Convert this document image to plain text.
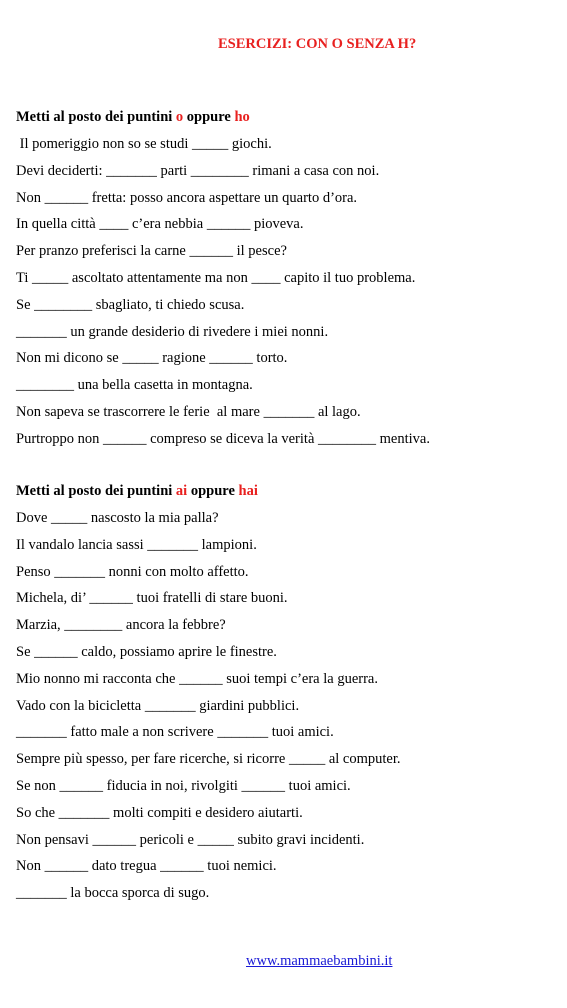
ESERCIZI: CON O SENZA H?
Metti al posto dei puntini o oppure ho
Il pomeriggio non so se studi _____ giochi.
Devi deciderti: _______ parti ________ rimani a casa con noi.
Non ______ fretta: posso ancora aspettare un quarto d’ora.
In quella città ____ c’era nebbia ______ pioveva.
Per pranzo preferisci la carne ______ il pesce?
Ti _____ ascoltato attentamente ma non ____ capito il tuo problema.
Se ________ sbagliato, ti chiedo scusa.
_______ un grande desiderio di rivedere i miei nonni.
Non mi dicono se _____ ragione ______ torto.
________ una bella casetta in montagna.
Non sapeva se trascorrere le ferie  al mare _______ al lago.
Purtroppo non ______ compreso se diceva la verità ________ mentiva.
Metti al posto dei puntini ai oppure hai
Dove _____ nascosto la mia palla?
Il vandalo lancia sassi _______ lampioni.
Penso _______ nonni con molto affetto.
Michela, di’ ______ tuoi fratelli di stare buoni.
Marzia, ________ ancora la febbre?
Se ______ caldo, possiamo aprire le finestre.
Mio nonno mi racconta che ______ suoi tempi c’era la guerra.
Vado con la bicicletta _______ giardini pubblici.
_______ fatto male a non scrivere _______ tuoi amici.
Sempre più spesso, per fare ricerche, si ricorre _____ al computer.
Se non ______ fiducia in noi, rivolgiti ______ tuoi amici.
So che _______ molti compiti e desidero aiutarti.
Non pensavi ______ pericoli e _____ subito gravi incidenti.
Non ______ dato tregua ______ tuoi nemici.
_______ la bocca sporca di sugo.
www.mammaebambini.it
